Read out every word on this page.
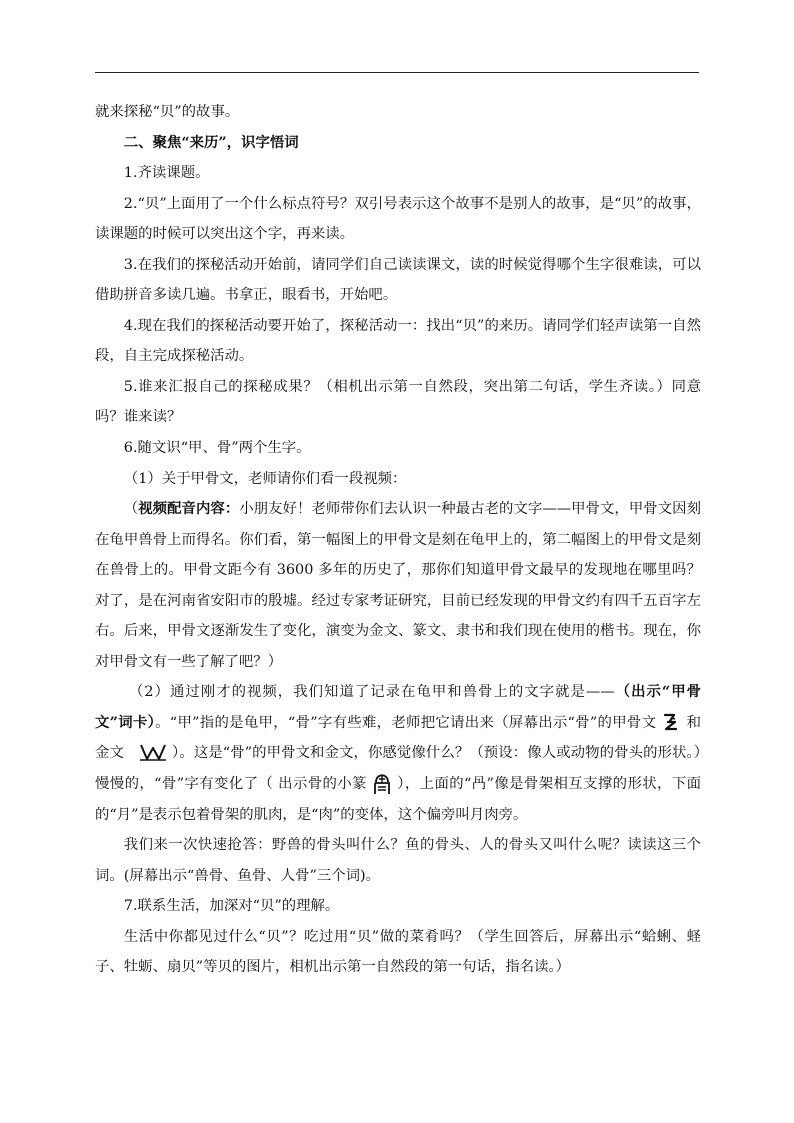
就来探秘“贝”的故事。

二、聚焦“来历”，识字悟词

1.齐读课题。

2.“贝”上面用了一个什么标点符号？双引号表示这个故事不是别人的故事，是“贝”的故事，读课题的时候可以突出这个字，再来读。

3.在我们的探秘活动开始前，请同学们自己读读课文，读的时候觉得哪个生字很难读，可以借助拼音多读几遍。书拿正，眼看书，开始吧。

4.现在我们的探秘活动要开始了，探秘活动一：找出“贝”的来历。请同学们轻声读第一自然段，自主完成探秘活动。

5.谁来汇报自己的探秘成果？（相机出示第一自然段，突出第二句话，学生齐读。）同意吗？谁来读？

6.随文识“甲、骨”两个生字。

（1）关于甲骨文，老师请你们看一段视频：

（视频配音内容：小朋友好！老师带你们去认识一种最古老的文字——甲骨文，甲骨文因刻在龟甲兽骨上而得名。你们看，第一幅图上的甲骨文是刻在龟甲上的，第二幅图上的甲骨文是刻在兽骨上的。甲骨文距今有 3600 多年的历史了，那你们知道甲骨文最早的发现地在哪里吗？对了，是在河南省安阳市的殷墟。经过专家考证研究，目前已经发现的甲骨文约有四千五百字左右。后来，甲骨文逐渐发生了变化，演变为金文、篆文、隶书和我们现在使用的楷书。现在，你对甲骨文有一些了解了吧？）

（2）通过刚才的视频，我们知道了记录在龟甲和兽骨上的文字就是——（出示“甲骨文”词卡）。“甲”指的是龟甲，“骨”字有些难，老师把它请出来（屏幕出示“骨”的甲骨文 和金文	）。这是“骨”的甲骨文和金文，你感觉像什么？（预设：像人或动物的骨头的形状。）慢慢的，“骨”字有变化了（ 出示骨的小篆 ），上面的“冎”像是骨架相互支撑的形状，下面的“月”是表示包着骨架的肌肉，是“肉”的变体，这个偏旁叫月肉旁。

我们来一次快速抢答：野兽的骨头叫什么？鱼的骨头、人的骨头又叫什么呢？读读这三个词。(屏幕出示“兽骨、鱼骨、人骨”三个词)。

7.联系生活，加深对“贝”的理解。

生活中你都见过什么“贝”？吃过用“贝”做的菜肴吗？（学生回答后，屏幕出示“蛤蜊、蛏子、牡蛎、扇贝”等贝的图片，相机出示第一自然段的第一句话，指名读。）
